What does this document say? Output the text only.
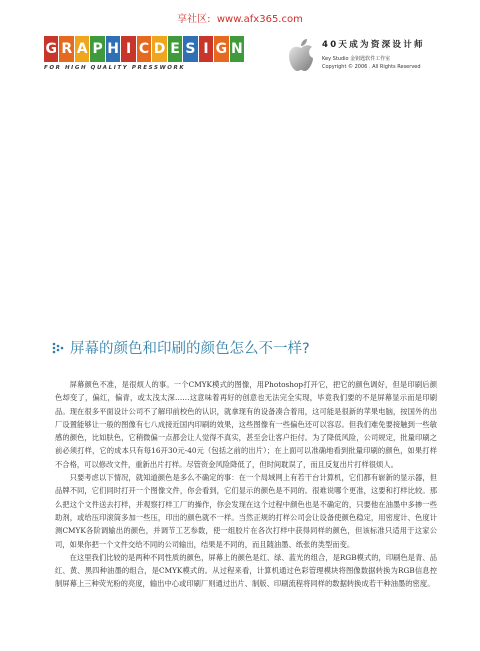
享社区: www.afx365.com
G R A P H I C D E S I G N
FOR HIGH QUALITY PRESSWORK
40天成为资深设计师
Key Studio 金钥匙软件工作室
Copyright © 2006 . All Rights Reserved
屏幕的颜色和印刷的颜色怎么不一样?

屏幕颜色不准，是很烦人的事。一个CMYK模式的图像，用Photoshop打开它，把它的颜色调好，但是印刷后颜色却变了，偏红，偏青，或太浅太深……这意味着再好的创意也无法完全实现，毕竟我们要的不是屏幕显示而是印刷品。现在很多平面设计公司不了解印前校色的认识，就拿现有的设备凑合着用，这可能是很新的苹果电脑，按国外的出厂设置能够让一般的图像有七八成接近国内印刷的效果，这些图像有一些偏色还可以容忍。但我们难免要接触到一些敏感的颜色，比如肤色，它稍微偏一点都会让人觉得不真实，甚至会让客户拒付。为了降低风险，公司规定，批量印刷之前必须打样，它的成本只有每16开30元-40元（包括之前的出片）；在上面可以准确地看到批量印刷的颜色，如果打样不合格，可以修改文件，重新出片打样。尽管资金风险降低了，但时间耽误了，而且反复出片打样很烦人。

只要考虑以下情况，就知道颜色是多么不确定的事：在一个局域网上有若干台计算机，它们都有崭新的显示器，但品牌不同，它们同时打开一个图像文件，你会看到，它们显示的颜色是不同的。很难说哪个更准，这要和打样比较。那么把这个文件送去打样，并观察打样工厂的操作，你会发现在这个过程中颜色也是不确定的，只要他在油墨中多掺一些助剂，或给压印滚筒多加一些压，印出的颜色就不一样。当然正规的打样公司会让设备使颜色稳定，用密度计、色度计测CMYK各阶调输出的颜色，并调节工艺参数，使一组胶片在各次打样中获得同样的颜色，但该标准只适用于这家公司，如果你把一个文件交给不同的公司输出，结果是不同的，而且随油墨、纸张的类型而变。

在这里我们比较的是两种不同性质的颜色，屏幕上的颜色是红、绿、蓝光的组合，是RGB模式的，印刷色是青、品红、黄、黑四种油墨的组合，是CMYK模式的。从过程来看，计算机通过色彩管理模块将图像数据转换为RGB信息控制屏幕上三种荧光粉的亮度，输出中心或印刷厂则通过出片、制版、印刷流程将同样的数据转换成若干种油墨的密度。
